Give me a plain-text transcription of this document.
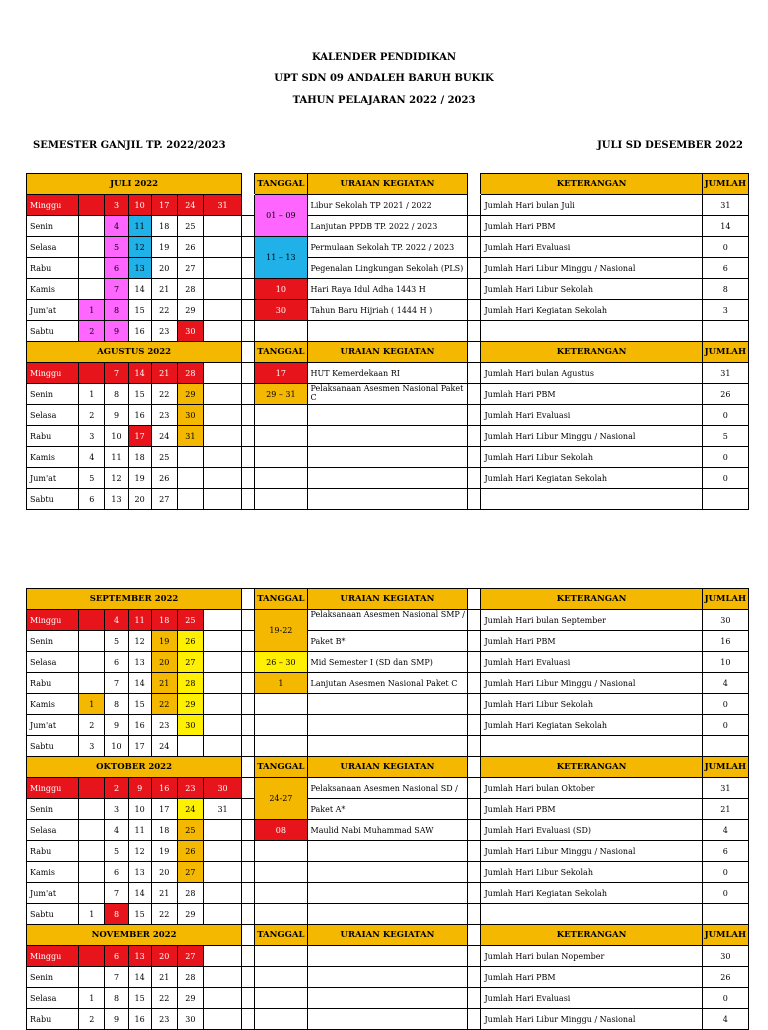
KALENDER PENDIDIKAN
UPT SDN 09 ANDALEH BARUH BUKIK
TAHUN PELAJARAN 2022 / 2023
SEMESTER GANJIL TP. 2022/2023	JULI SD DESEMBER 2022
JULI 2022								TANGGAL	URAIAN KEGIATAN		KETERANGAN	JUMLAH
Minggu		3	10	17	24	31		01 – 09	Libur Sekolah TP 2021 / 2022		Jumlah Hari bulan Juli	31
Senin		4	11	18	25				Lanjutan PPDB TP. 2022 / 2023		Jumlah Hari PBM	14
Selasa		5	12	19	26			11 – 13	Permulaan Sekolah TP. 2022 / 2023		Jumlah Hari Evaluasi	0
Rabu		6	13	20	27				Pegenalan Lingkungan Sekolah (PLS)		Jumlah Hari Libur Minggu / Nasional	6
Kamis		7	14	21	28			10	Hari Raya Idul Adha 1443 H		Jumlah Hari Libur Sekolah	8
Jum'at	1	8	15	22	29			30	Tahun Baru Hijriah ( 1444 H )		Jumlah Hari Kegiatan Sekolah	3
Sabtu	2	9	16	23	30							
AGUSTUS 2022								TANGGAL	URAIAN KEGIATAN		KETERANGAN	JUMLAH
Minggu		7	14	21	28			17	HUT Kemerdekaan RI		Jumlah Hari bulan Agustus	31
Senin	1	8	15	22	29			29 – 31	Pelaksanaan Asesmen Nasional Paket C		Jumlah Hari PBM	26
Selasa	2	9	16	23	30						Jumlah Hari Evaluasi	0
Rabu	3	10	17	24	31						Jumlah Hari Libur Minggu / Nasional	5
Kamis	4	11	18	25							Jumlah Hari Libur Sekolah	0
Jum'at	5	12	19	26							Jumlah Hari Kegiatan Sekolah	0
Sabtu	6	13	20	27								
SEPTEMBER 2022								TANGGAL	URAIAN KEGIATAN		KETERANGAN	JUMLAH
Minggu		4	11	18	25			19-22	Pelaksanaan Asesmen Nasional SMP /		Jumlah Hari bulan September	30
Senin		5	12	19	26				Paket B*		Jumlah Hari PBM	16
Selasa		6	13	20	27			26 – 30	Mid Semester I (SD dan SMP)		Jumlah Hari Evaluasi	10
Rabu		7	14	21	28			1	Lanjutan Asesmen Nasional Paket C		Jumlah Hari Libur Minggu / Nasional	4
Kamis	1	8	15	22	29						Jumlah Hari Libur Sekolah	0
Jum'at	2	9	16	23	30						Jumlah Hari Kegiatan Sekolah	0
Sabtu	3	10	17	24								
OKTOBER 2022								TANGGAL	URAIAN KEGIATAN		KETERANGAN	JUMLAH
Minggu		2	9	16	23	30		24-27	Pelaksanaan Asesmen Nasional SD /		Jumlah Hari bulan Oktober	31
Senin		3	10	17	24	31			Paket A*		Jumlah Hari PBM	21
Selasa		4	11	18	25			08	Maulid Nabi Muhammad SAW		Jumlah Hari Evaluasi (SD)	4
Rabu		5	12	19	26						Jumlah Hari Libur Minggu / Nasional	6
Kamis		6	13	20	27						Jumlah Hari Libur Sekolah	0
Jum'at		7	14	21	28						Jumlah Hari Kegiatan Sekolah	0
Sabtu	1	8	15	22	29							
NOVEMBER 2022								TANGGAL	URAIAN KEGIATAN		KETERANGAN	JUMLAH
Minggu		6	13	20	27						Jumlah Hari bulan Nopember	30
Senin		7	14	21	28						Jumlah Hari PBM	26
Selasa	1	8	15	22	29						Jumlah Hari Evaluasi	0
Rabu	2	9	16	23	30						Jumlah Hari Libur Minggu / Nasional	4
